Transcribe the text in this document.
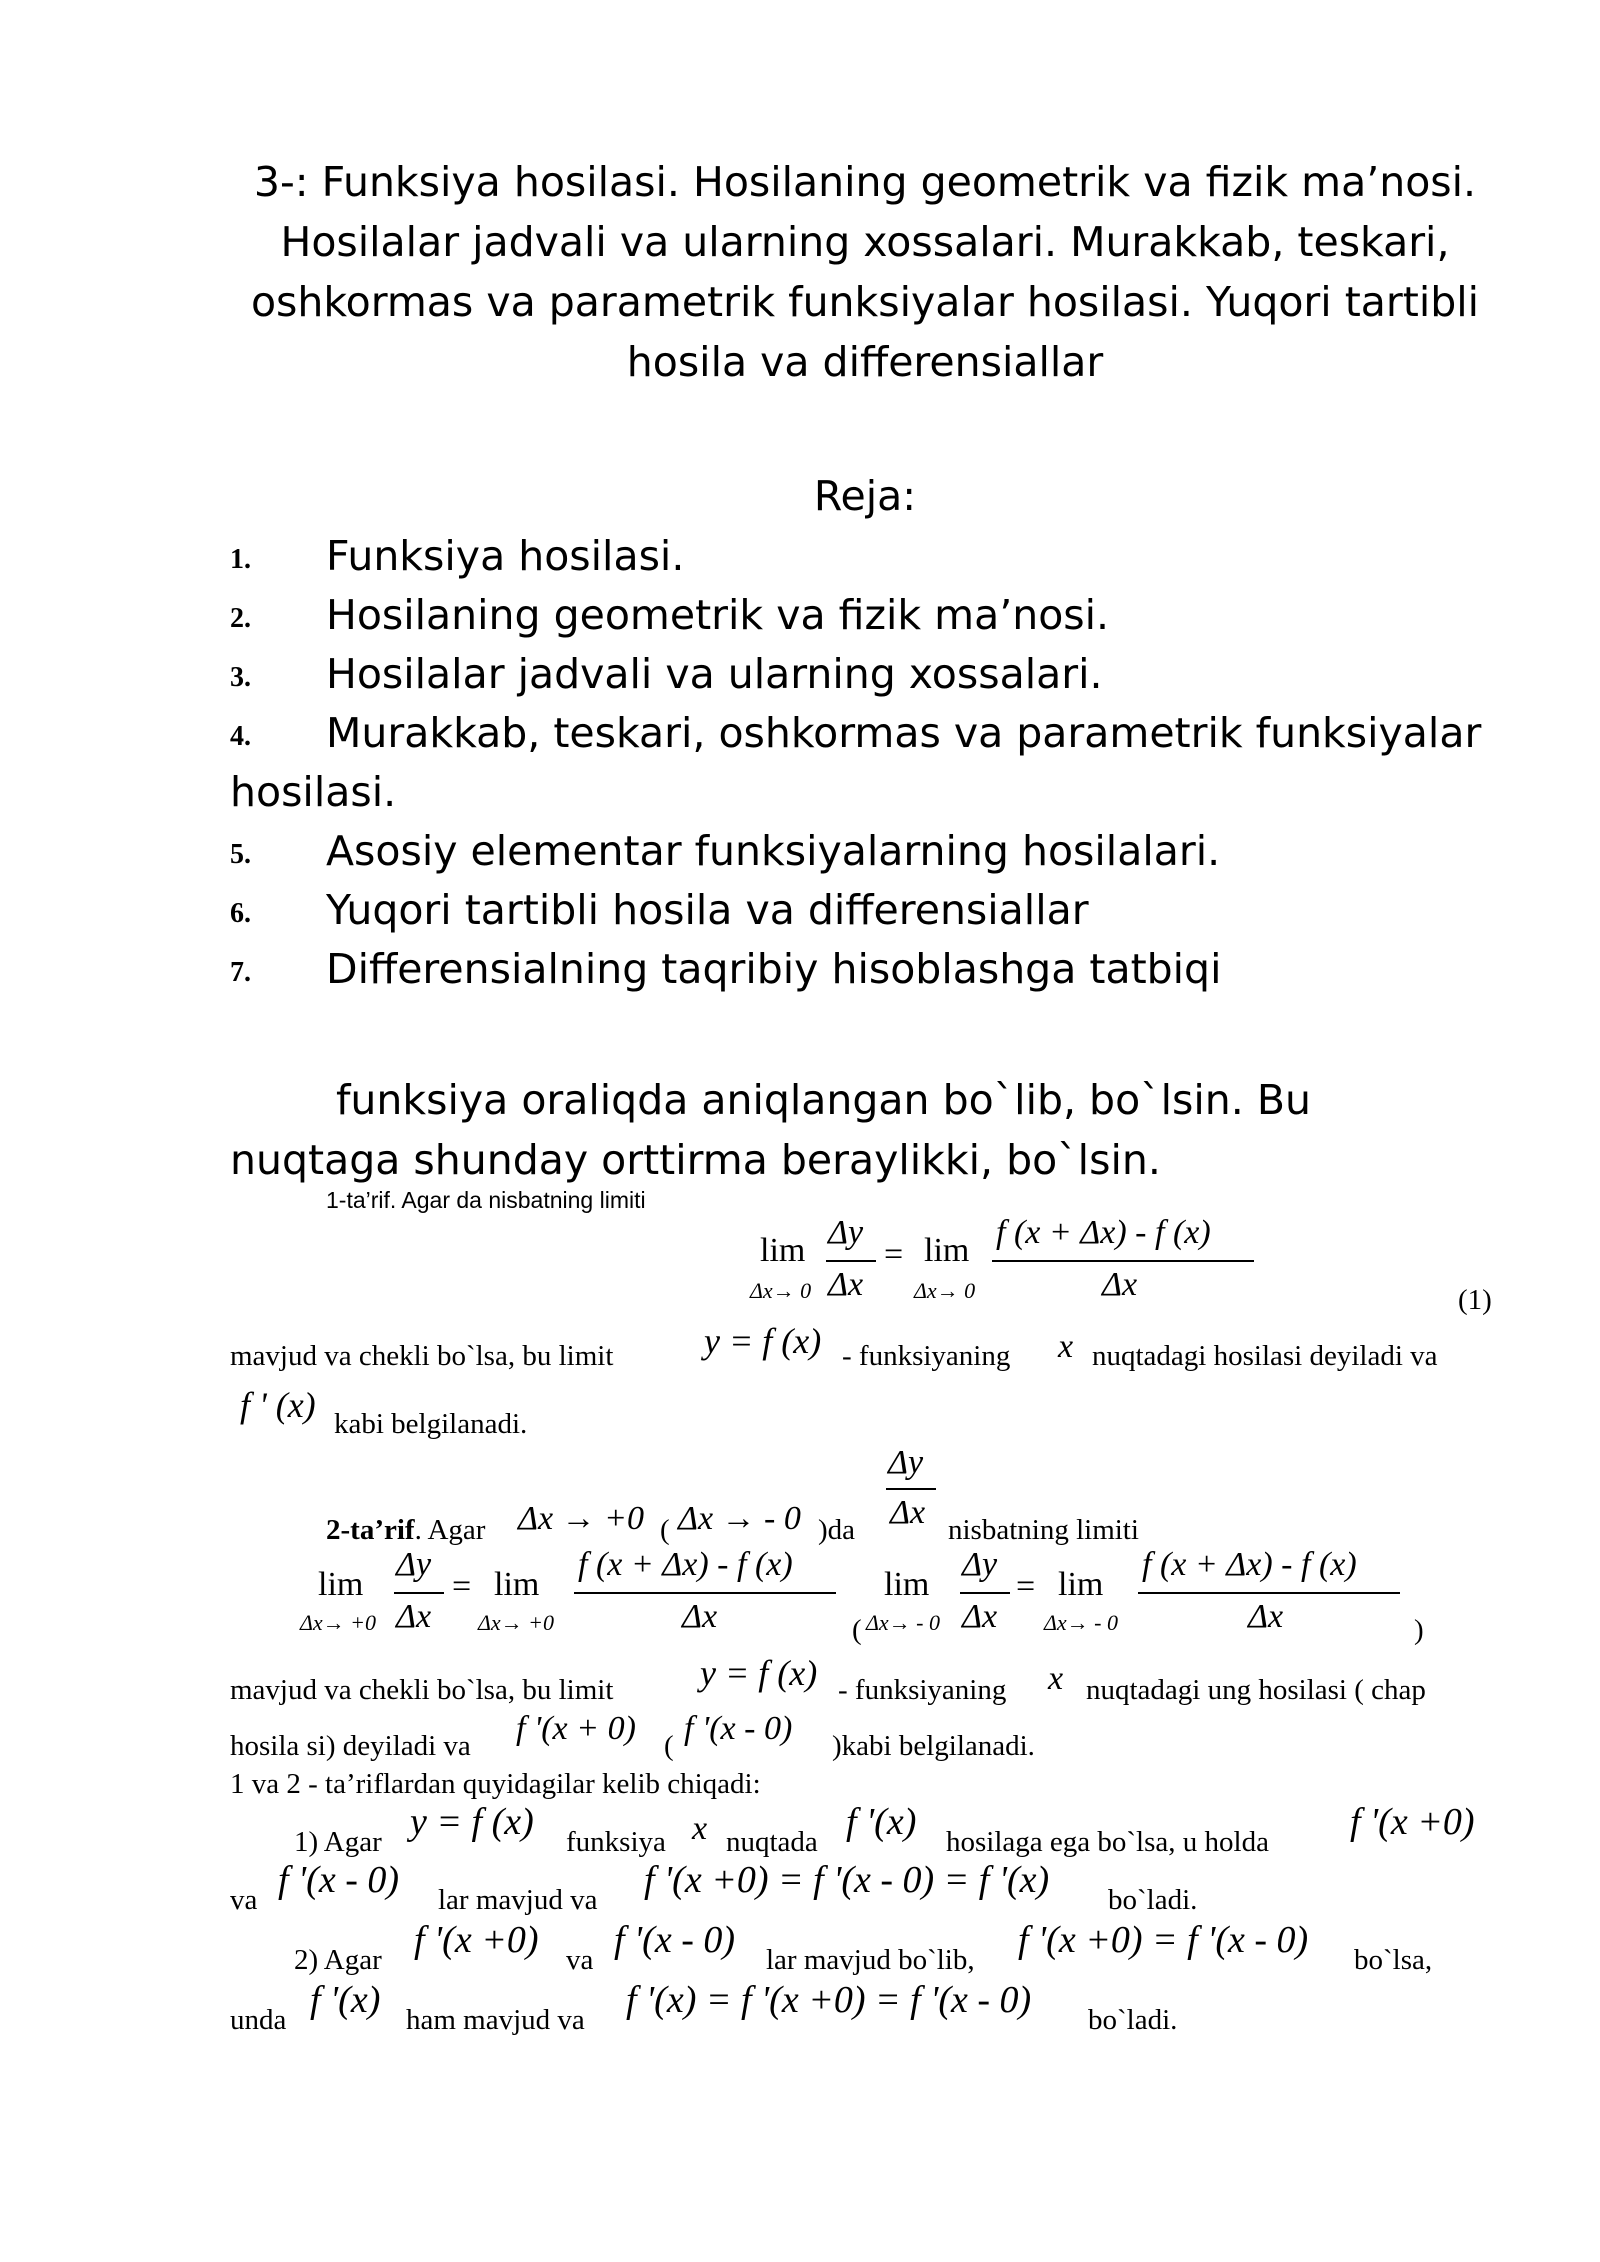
3-: Funksiya hosilasi. Hosilaning geometrik va fizik ma’nosi. Hosilalar jadvali va ularning xossalari. Murakkab, teskari, oshkormas va parametrik funksiyalar hosilasi. Yuqori tartibli hosila va differensiallar
Reja:
1. Funksiya hosilasi.
2. Hosilaning geometrik va fizik ma’nosi.
3. Hosilalar jadvali va ularning xossalari.
4. Murakkab, teskari, oshkormas va parametrik funksiyalar
hosilasi.
5. Asosiy elementar funksiyalarning hosilalari.
6. Yuqori tartibli hosila va differensiallar
7. Differensialning taqribiy hisoblashga tatbiqi
funksiya oraliqda aniqlangan bo`lib, bo`lsin. Bu
nuqtaga shunday orttirma beraylikki, bo`lsin.
1-ta’rif. Agar da nisbatning limiti
lim
Δx→ 0
Δy
Δx
= lim
Δx→ 0
f (x + Δx) - f (x)
Δx	(1)
mavjud va chekli bo`lsa, bu limit	y = f (x) - funksiyaning x nuqtadagi hosilasi deyiladi va
f ' (x) kabi belgilanadi.
Δy
Δx
2-ta’rif. Agar Δx → +0 ( Δx → - 0 )da	nisbatning limiti
lim
Δx→ +0
Δy
Δx
= lim
Δx→ +0
f (x + Δx) - f (x)
Δx	(
lim
Δx→ - 0
Δy
Δx
= lim
Δx→ - 0
f (x + Δx) - f (x)
Δx	)
mavjud va chekli bo`lsa, bu limit y = f (x) - funksiyaning x nuqtadagi ung hosilasi ( chap
hosila si) deyiladi va f '(x + 0) ( f '(x - 0) )kabi belgilanadi.
1 va 2 - ta’riflardan quyidagilar kelib chiqadi:
1) Agar y = f (x) funksiya x nuqtada f '(x) hosilaga ega bo`lsa, u holda f '(x +0)
va f '(x - 0) lar mavjud va f '(x +0) = f '(x - 0) = f '(x) bo`ladi.
2) Agar f '(x +0) va f '(x - 0) lar mavjud bo`lib, f '(x +0) = f '(x - 0) bo`lsa,
unda f '(x) ham mavjud va f '(x) = f '(x +0) = f '(x - 0) bo`ladi.
